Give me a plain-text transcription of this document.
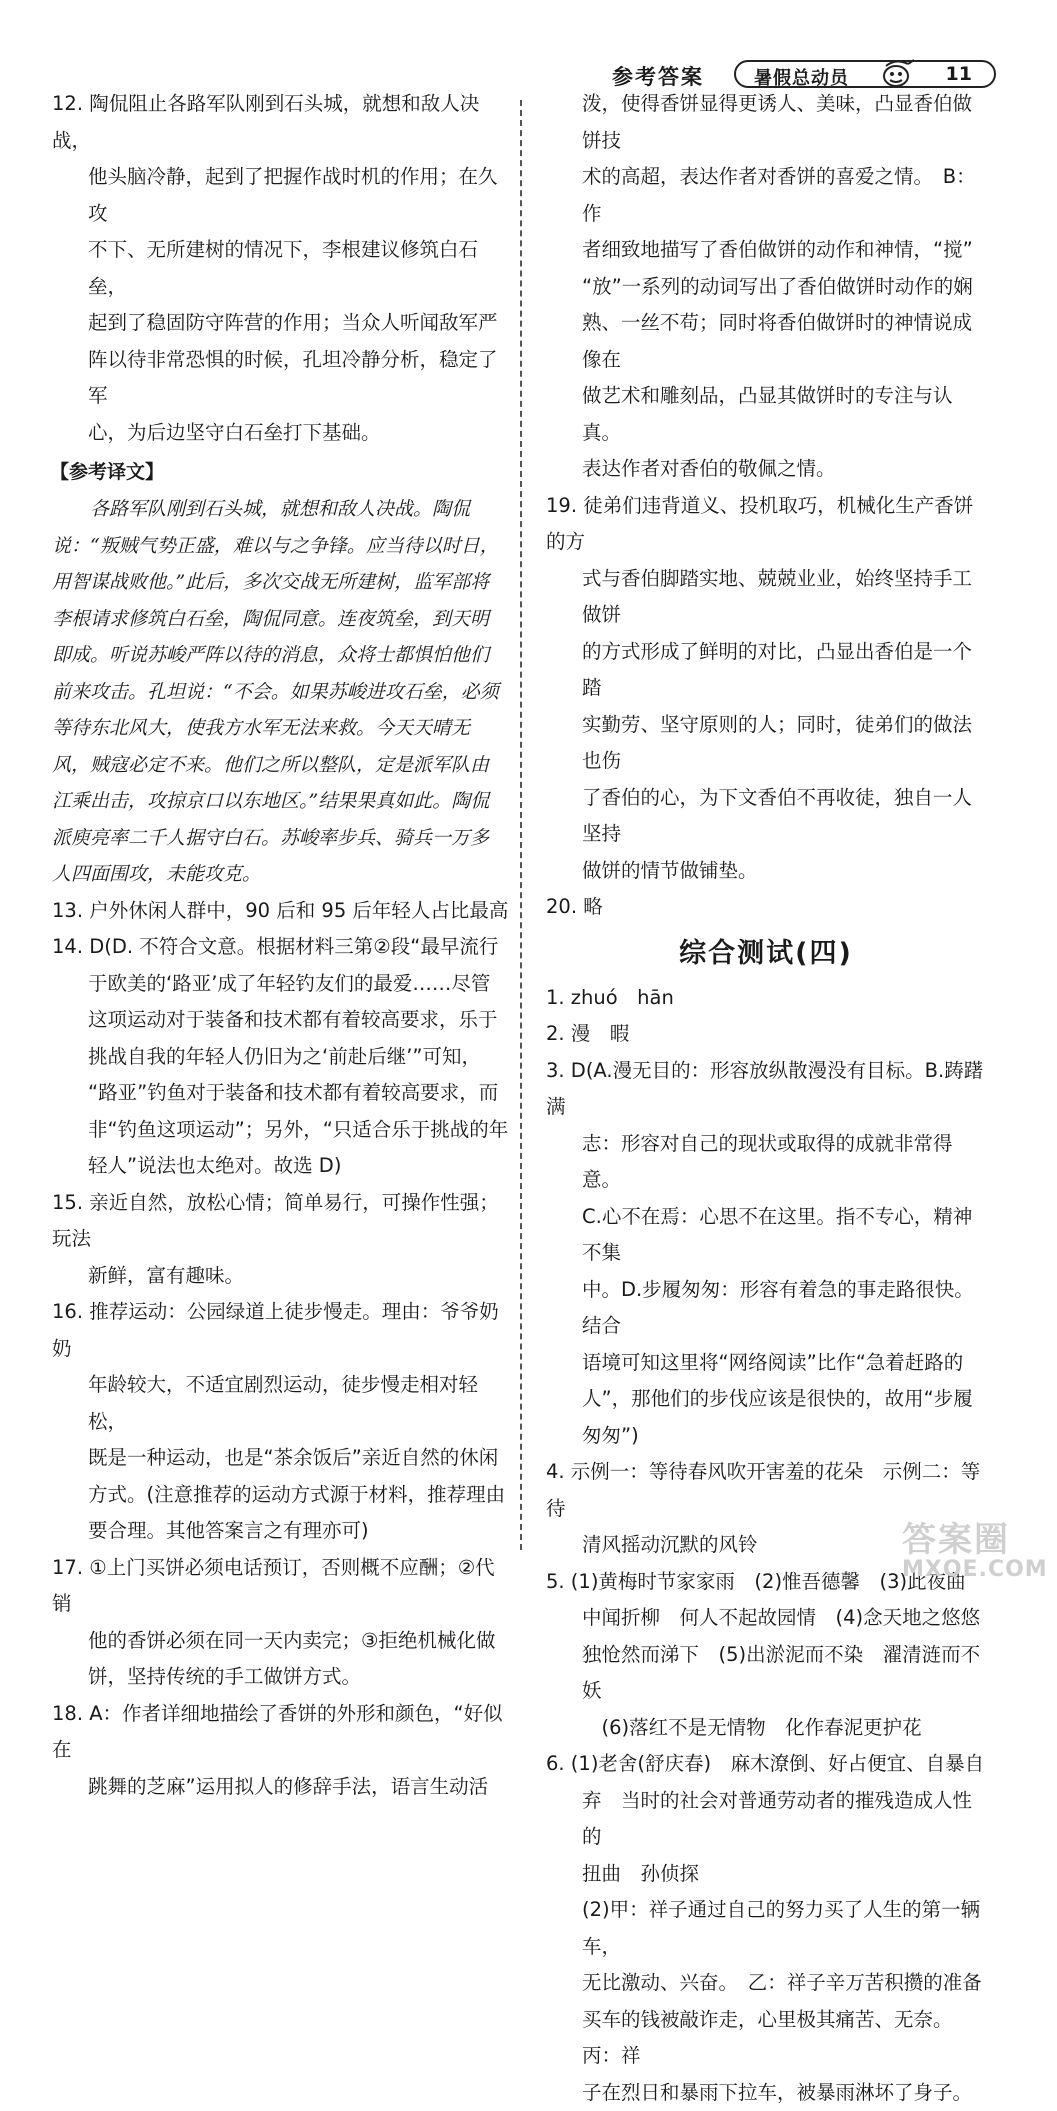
参考答案	暑假总动员	11

12. 陶侃阻止各路军队刚到石头城，就想和敌人决战，

他头脑冷静，起到了把握作战时机的作用；在久攻

不下、无所建树的情况下，李根建议修筑白石垒，

起到了稳固防守阵营的作用；当众人听闻敌军严

阵以待非常恐惧的时候，孔坦冷静分析，稳定了军

心，为后边坚守白石垒打下基础。

【参考译文】

各路军队刚到石头城，就想和敌人决战。陶侃

说：“叛贼气势正盛，难以与之争锋。应当待以时日，

用智谋战败他。”此后，多次交战无所建树，监军部将

李根请求修筑白石垒，陶侃同意。连夜筑垒，到天明

即成。听说苏峻严阵以待的消息，众将士都惧怕他们

前来攻击。孔坦说：“不会。如果苏峻进攻石垒，必须

等待东北风大，使我方水军无法来救。今天天晴无

风，贼寇必定不来。他们之所以整队，定是派军队由

江乘出击，攻掠京口以东地区。”结果果真如此。陶侃

派庾亮率二千人据守白石。苏峻率步兵、骑兵一万多

人四面围攻，未能攻克。

13. 户外休闲人群中，90 后和 95 后年轻人占比最高

14. D(D. 不符合文意。根据材料三第②段“最早流行

于欧美的‘路亚’成了年轻钓友们的最爱……尽管

这项运动对于装备和技术都有着较高要求，乐于

挑战自我的年轻人仍旧为之‘前赴后继’”可知，

“路亚”钓鱼对于装备和技术都有着较高要求，而

非“钓鱼这项运动”；另外，“只适合乐于挑战的年

轻人”说法也太绝对。故选 D)

15. 亲近自然，放松心情；简单易行，可操作性强；玩法

新鲜，富有趣味。

16. 推荐运动：公园绿道上徒步慢走。理由：爷爷奶奶

年龄较大，不适宜剧烈运动，徒步慢走相对轻松，

既是一种运动，也是“茶余饭后”亲近自然的休闲

方式。(注意推荐的运动方式源于材料，推荐理由

要合理。其他答案言之有理亦可)

17. ①上门买饼必须电话预订，否则概不应酬；②代销

他的香饼必须在同一天内卖完；③拒绝机械化做

饼，坚持传统的手工做饼方式。

18. A：作者详细地描绘了香饼的外形和颜色，“好似在

跳舞的芝麻”运用拟人的修辞手法，语言生动活

泼，使得香饼显得更诱人、美味，凸显香伯做饼技

术的高超，表达作者对香饼的喜爱之情。　B：作

者细致地描写了香伯做饼的动作和神情，“搅”

“放”一系列的动词写出了香伯做饼时动作的娴

熟、一丝不苟；同时将香伯做饼时的神情说成像在

做艺术和雕刻品，凸显其做饼时的专注与认真。

表达作者对香伯的敬佩之情。

19. 徒弟们违背道义、投机取巧，机械化生产香饼的方

式与香伯脚踏实地、兢兢业业，始终坚持手工做饼

的方式形成了鲜明的对比，凸显出香伯是一个踏

实勤劳、坚守原则的人；同时，徒弟们的做法也伤

了香伯的心，为下文香伯不再收徒，独自一人坚持

做饼的情节做铺垫。

20. 略

综合测试(四)

1. zhuó　hān

2. 漫　暇

3. D(A.漫无目的：形容放纵散漫没有目标。B.踌躇满

志：形容对自己的现状或取得的成就非常得意。

C.心不在焉：心思不在这里。指不专心，精神不集

中。D.步履匆匆：形容有着急的事走路很快。结合

语境可知这里将“网络阅读”比作“急着赶路的

人”，那他们的步伐应该是很快的，故用“步履

匆匆”)

4. 示例一：等待春风吹开害羞的花朵　示例二：等待

清风摇动沉默的风铃

5. (1)黄梅时节家家雨　(2)惟吾德馨　(3)此夜曲

中闻折柳　何人不起故园情　(4)念天地之悠悠

独怆然而涕下　(5)出淤泥而不染　濯清涟而不妖

　(6)落红不是无情物　化作春泥更护花

6. (1)老舍(舒庆春)　麻木潦倒、好占便宜、自暴自

弃　当时的社会对普通劳动者的摧残造成人性的

扭曲　孙侦探

(2)甲：祥子通过自己的努力买了人生的第一辆车，

无比激动、兴奋。　乙：祥子辛万苦积攒的准备

买车的钱被敲诈走，心里极其痛苦、无奈。　丙：祥

子在烈日和暴雨下拉车，被暴雨淋坏了身子。

答案圈
MXQE.COM
